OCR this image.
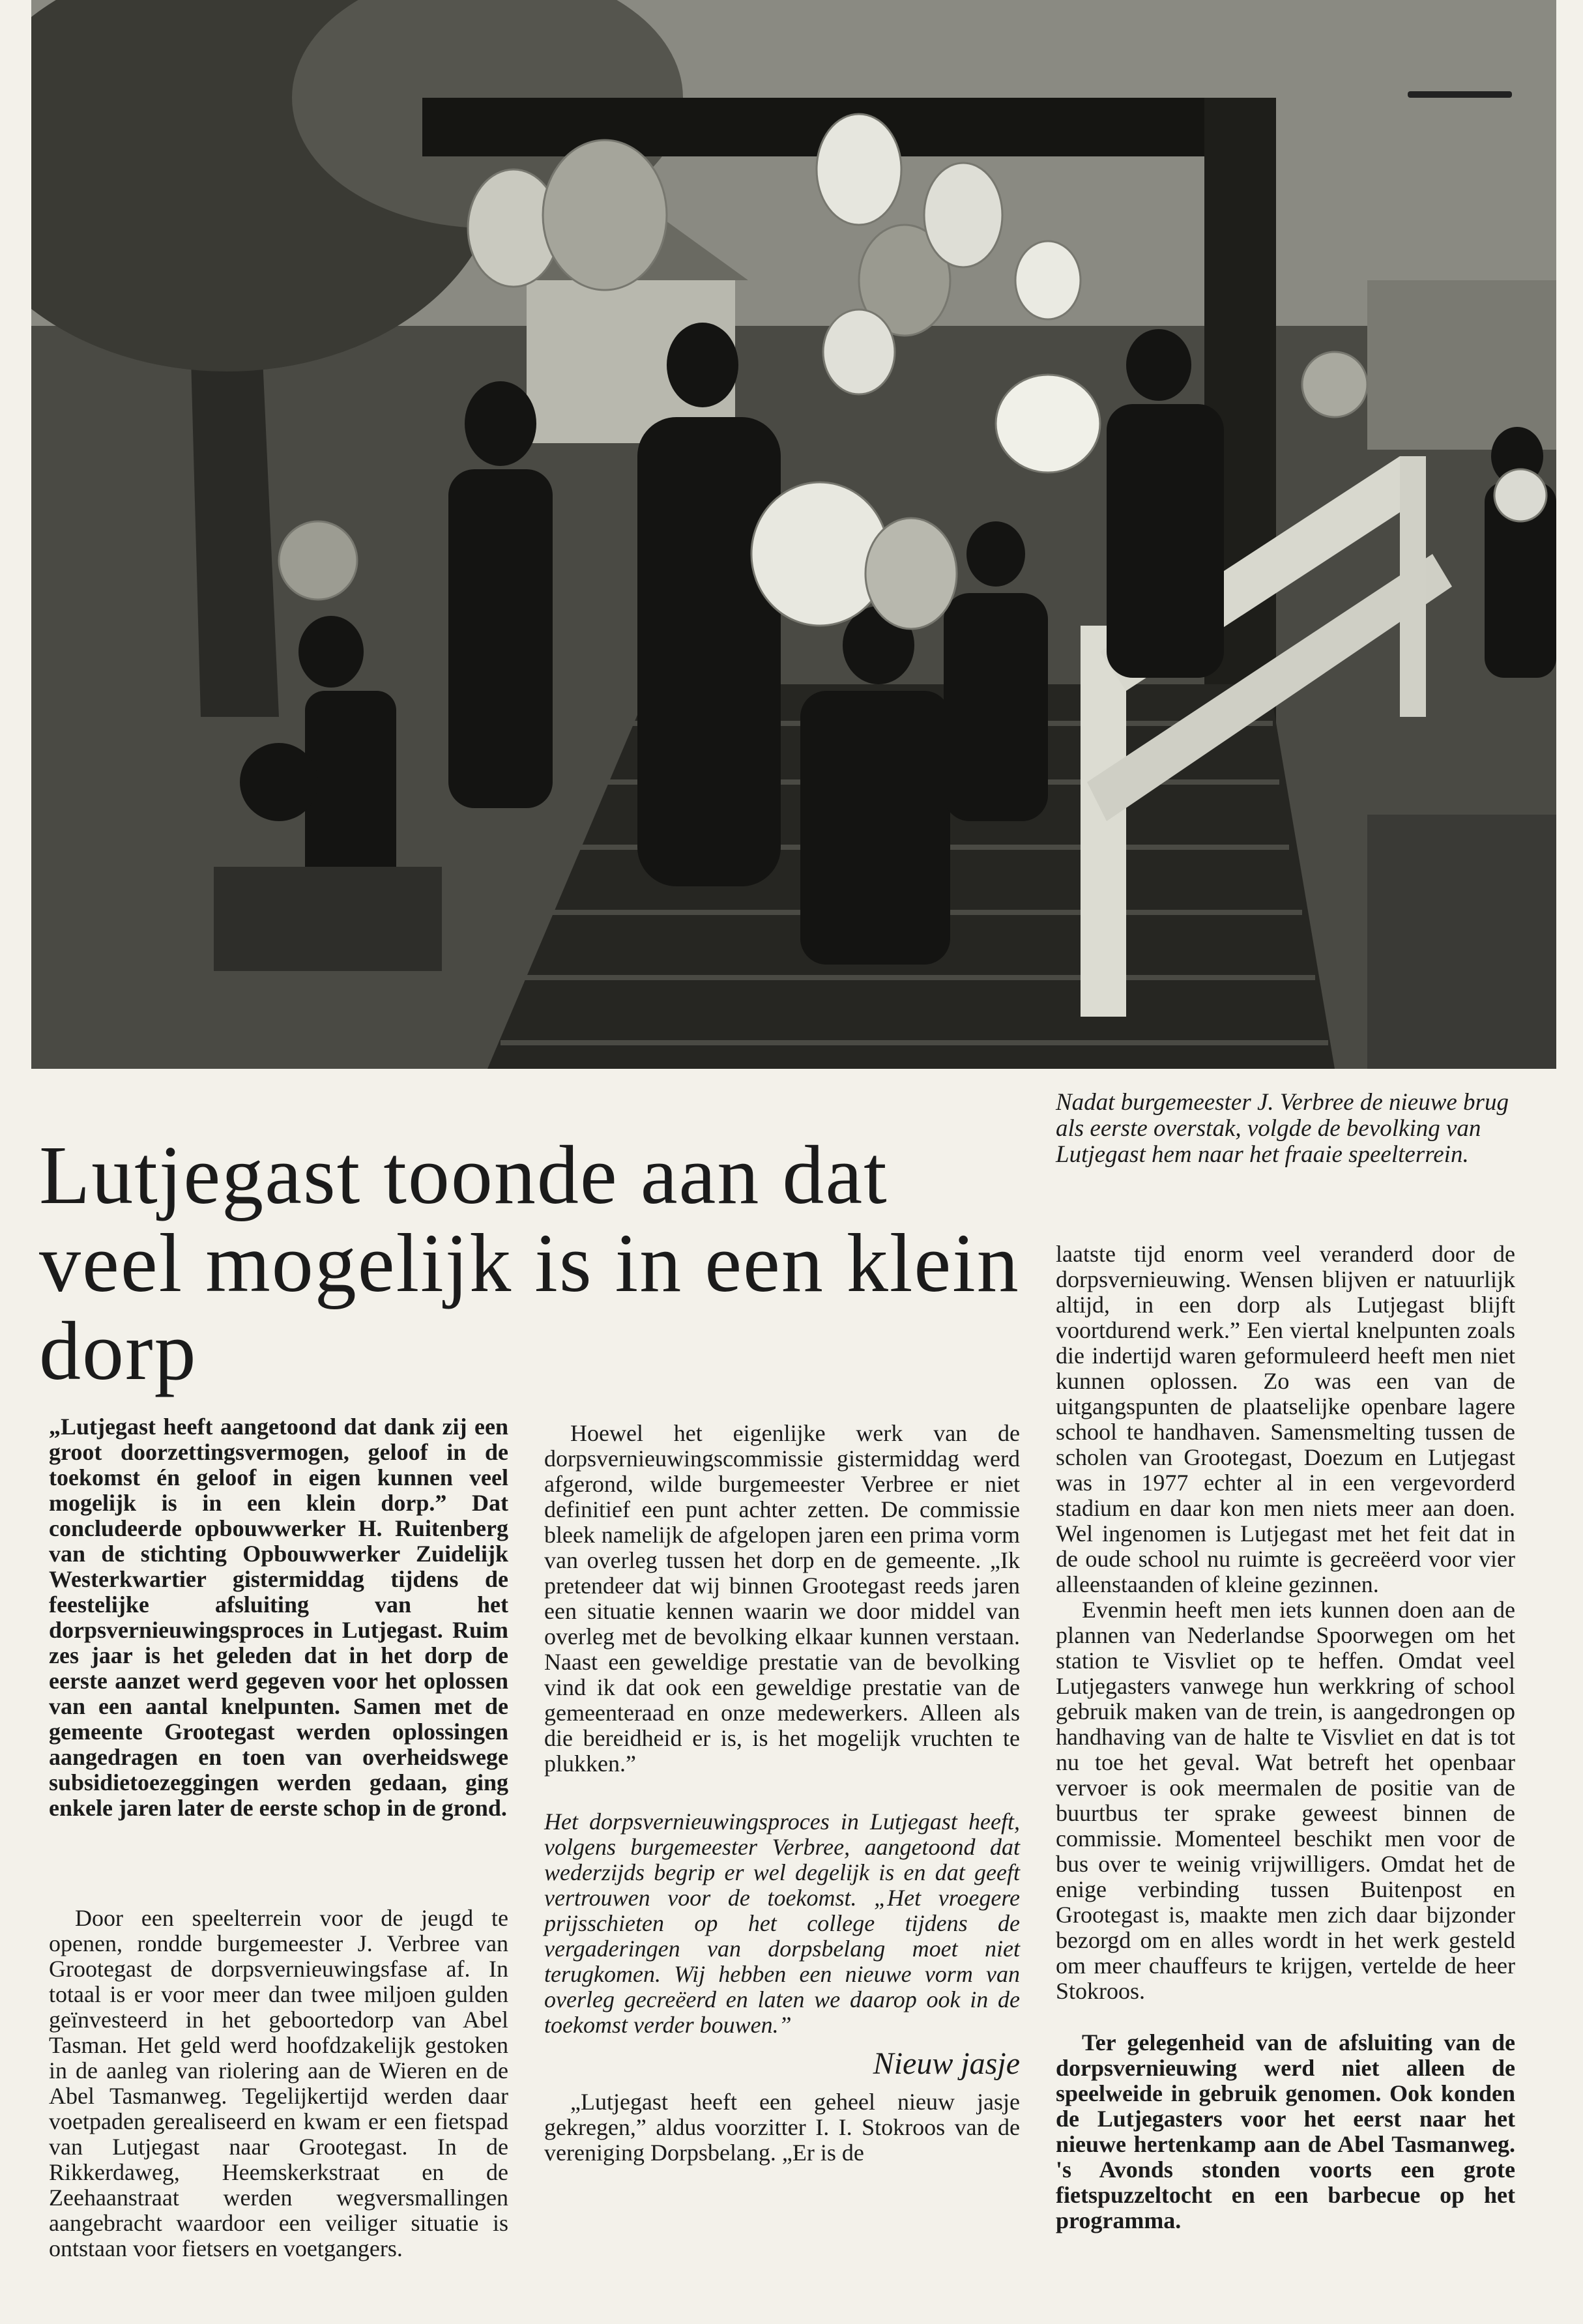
Nadat burgemeester J. Verbree de nieuwe brug als eerste overstak, volgde de bevolking van Lutjegast hem naar het fraaie speelterrein.
Lutjegast toonde aan dat veel mogelijk is in een klein dorp

„Lutjegast heeft aangetoond dat dank zij een groot doorzettingsvermogen, geloof in de toekomst én geloof in eigen kunnen veel mogelijk is in een klein dorp.” Dat concludeerde opbouwwerker H. Ruitenberg van de stichting Opbouwwerker Zuidelijk Westerkwartier gistermiddag tijdens de feestelijke afsluiting van het dorpsvernieuwingsproces in Lutjegast. Ruim zes jaar is het geleden dat in het dorp de eerste aanzet werd gegeven voor het oplossen van een aantal knelpunten. Samen met de gemeente Grootegast werden oplossingen aangedragen en toen van overheidswege subsidietoezeggingen werden gedaan, ging enkele jaren later de eerste schop in de grond.

Door een speelterrein voor de jeugd te openen, rondde burgemeester J. Verbree van Grootegast de dorpsvernieuwingsfase af. In totaal is er voor meer dan twee miljoen gulden geïnvesteerd in het geboortedorp van Abel Tasman. Het geld werd hoofdzakelijk gestoken in de aanleg van riolering aan de Wieren en de Abel Tasmanweg. Tegelijkertijd werden daar voetpaden gerealiseerd en kwam er een fietspad van Lutjegast naar Grootegast. In de Rikkerdaweg, Heemskerkstraat en de Zeehaanstraat werden wegversmallingen aangebracht waardoor een veiliger situatie is ontstaan voor fietsers en voetgangers.

Hoewel het eigenlijke werk van de dorpsvernieuwingscommissie gistermiddag werd afgerond, wilde burgemeester Verbree er niet definitief een punt achter zetten. De commissie bleek namelijk de afgelopen jaren een prima vorm van overleg tussen het dorp en de gemeente. „Ik pretendeer dat wij binnen Grootegast reeds jaren een situatie kennen waarin we door middel van overleg met de bevolking elkaar kunnen verstaan. Naast een geweldige prestatie van de bevolking vind ik dat ook een geweldige prestatie van de gemeenteraad en onze medewerkers. Alleen als die bereidheid er is, is het mogelijk vruchten te plukken.”

Het dorpsvernieuwingsproces in Lutjegast heeft, volgens burgemeester Verbree, aangetoond dat wederzijds begrip er wel degelijk is en dat geeft vertrouwen voor de toekomst. „Het vroegere prijsschieten op het college tijdens de vergaderingen van dorpsbelang moet niet terugkomen. Wij hebben een nieuwe vorm van overleg gecreëerd en laten we daarop ook in de toekomst verder bouwen.”

Nieuw jasje

„Lutjegast heeft een geheel nieuw jasje gekregen,” aldus voorzitter I. I. Stokroos van de vereniging Dorpsbelang. „Er is de

laatste tijd enorm veel veranderd door de dorpsvernieuwing. Wensen blijven er natuurlijk altijd, in een dorp als Lutjegast blijft voortdurend werk.” Een viertal knelpunten zoals die indertijd waren geformuleerd heeft men niet kunnen oplossen. Zo was een van de uitgangspunten de plaatselijke openbare lagere school te handhaven. Samensmelting tussen de scholen van Grootegast, Doezum en Lutjegast was in 1977 echter al in een vergevorderd stadium en daar kon men niets meer aan doen. Wel ingenomen is Lutjegast met het feit dat in de oude school nu ruimte is gecreëerd voor vier alleenstaanden of kleine gezinnen.

Evenmin heeft men iets kunnen doen aan de plannen van Nederlandse Spoorwegen om het station te Visvliet op te heffen. Omdat veel Lutjegasters vanwege hun werkkring of school gebruik maken van de trein, is aangedrongen op handhaving van de halte te Visvliet en dat is tot nu toe het geval. Wat betreft het openbaar vervoer is ook meermalen de positie van de buurtbus ter sprake geweest binnen de commissie. Momenteel beschikt men voor de bus over te weinig vrijwilligers. Omdat het de enige verbinding tussen Buitenpost en Grootegast is, maakte men zich daar bijzonder bezorgd om en alles wordt in het werk gesteld om meer chauffeurs te krijgen, vertelde de heer Stokroos.

Ter gelegenheid van de afsluiting van de dorpsvernieuwing werd niet alleen de speelweide in gebruik genomen. Ook konden de Lutjegasters voor het eerst naar het nieuwe hertenkamp aan de Abel Tasmanweg. 's Avonds stonden voorts een grote fietspuzzeltocht en een barbecue op het programma.
